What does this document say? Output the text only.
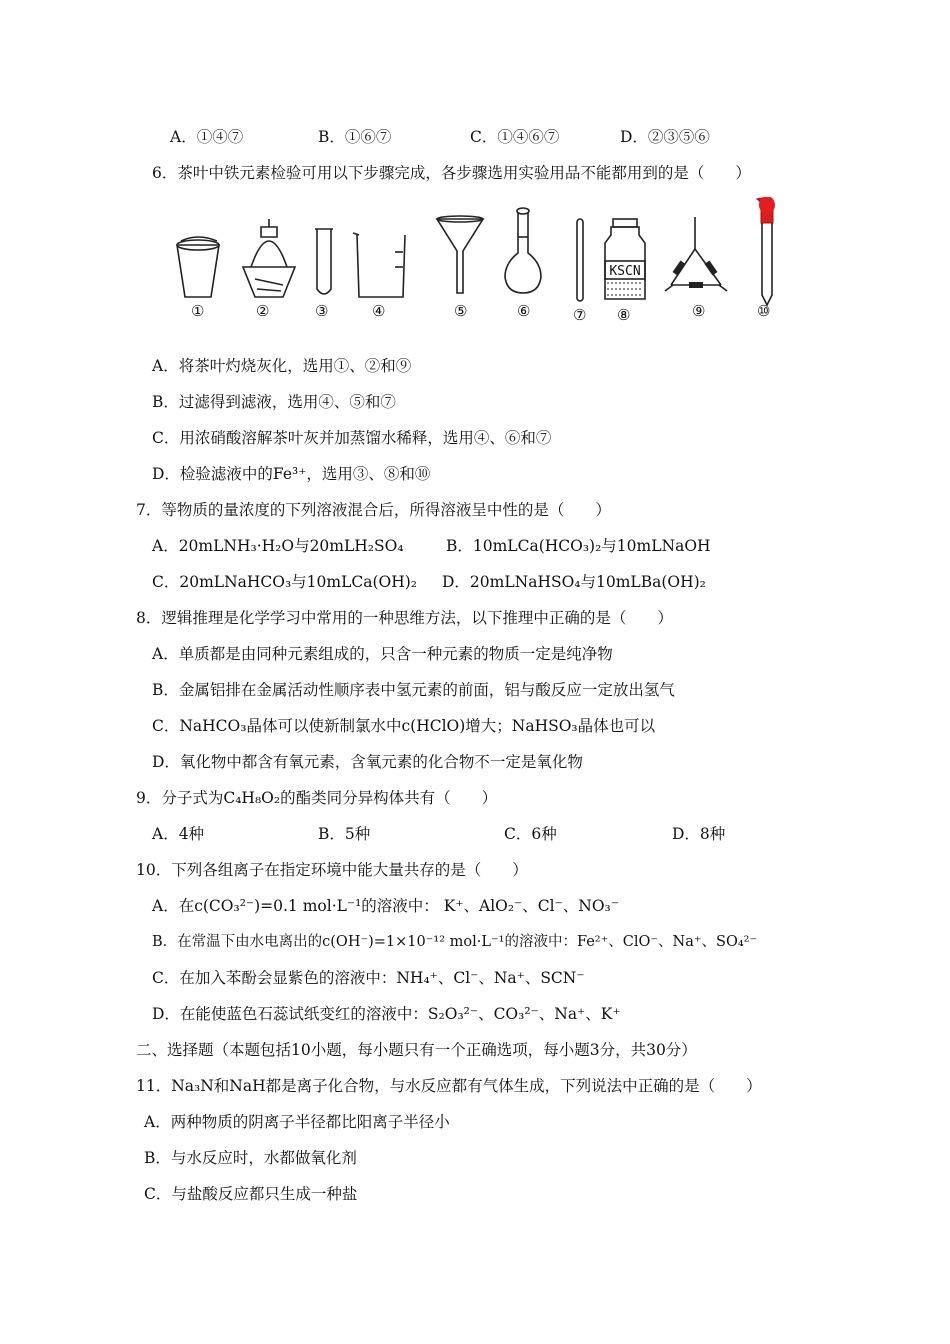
A．①④⑦	B．①⑥⑦	C．①④⑥⑦	D．②③⑤⑥
6．茶叶中铁元素检验可用以下步骤完成，各步骤选用实验用品不能都用到的是（　　）
KSCN
①	②	③	④	⑤	⑥	⑦ ⑧	⑨	⑩
A．将茶叶灼烧灰化，选用①、②和⑨
B．过滤得到滤液，选用④、⑤和⑦
C．用浓硝酸溶解茶叶灰并加蒸馏水稀释，选用④、⑥和⑦
D．检验滤液中的Fe³⁺，选用③、⑧和⑩
7．等物质的量浓度的下列溶液混合后，所得溶液呈中性的是（　　）
A．20mLNH₃·H₂O与20mLH₂SO₄	B．10mLCa(HCO₃)₂与10mLNaOH
C．20mLNaHCO₃与10mLCa(OH)₂ D．20mLNaHSO₄与10mLBa(OH)₂
8．逻辑推理是化学学习中常用的一种思维方法，以下推理中正确的是（　　）
A．单质都是由同种元素组成的，只含一种元素的物质一定是纯净物
B．金属铝排在金属活动性顺序表中氢元素的前面，铝与酸反应一定放出氢气
C．NaHCO₃晶体可以使新制氯水中c(HClO)增大；NaHSO₃晶体也可以
D．氧化物中都含有氧元素，含氧元素的化合物不一定是氧化物
9．分子式为C₄H₈O₂的酯类同分异构体共有（　　）
A．4种	B．5种	C．6种	D．8种
10．下列各组离子在指定环境中能大量共存的是（　　）
A．在c(CO₃²⁻)=0.1 mol·L⁻¹的溶液中： K⁺、AlO₂⁻、Cl⁻、NO₃⁻
B．在常温下由水电离出的c(OH⁻)=1×10⁻¹² mol·L⁻¹的溶液中：Fe²⁺、ClO⁻、Na⁺、SO₄²⁻
C．在加入苯酚会显紫色的溶液中：NH₄⁺、Cl⁻、Na⁺、SCN⁻
D．在能使蓝色石蕊试纸变红的溶液中：S₂O₃²⁻、CO₃²⁻、Na⁺、K⁺
二、选择题（本题包括10小题，每小题只有一个正确选项，每小题3分，共30分）
11．Na₃N和NaH都是离子化合物，与水反应都有气体生成，下列说法中正确的是（　　）
A．两种物质的阴离子半径都比阳离子半径小
B．与水反应时，水都做氧化剂
C．与盐酸反应都只生成一种盐
